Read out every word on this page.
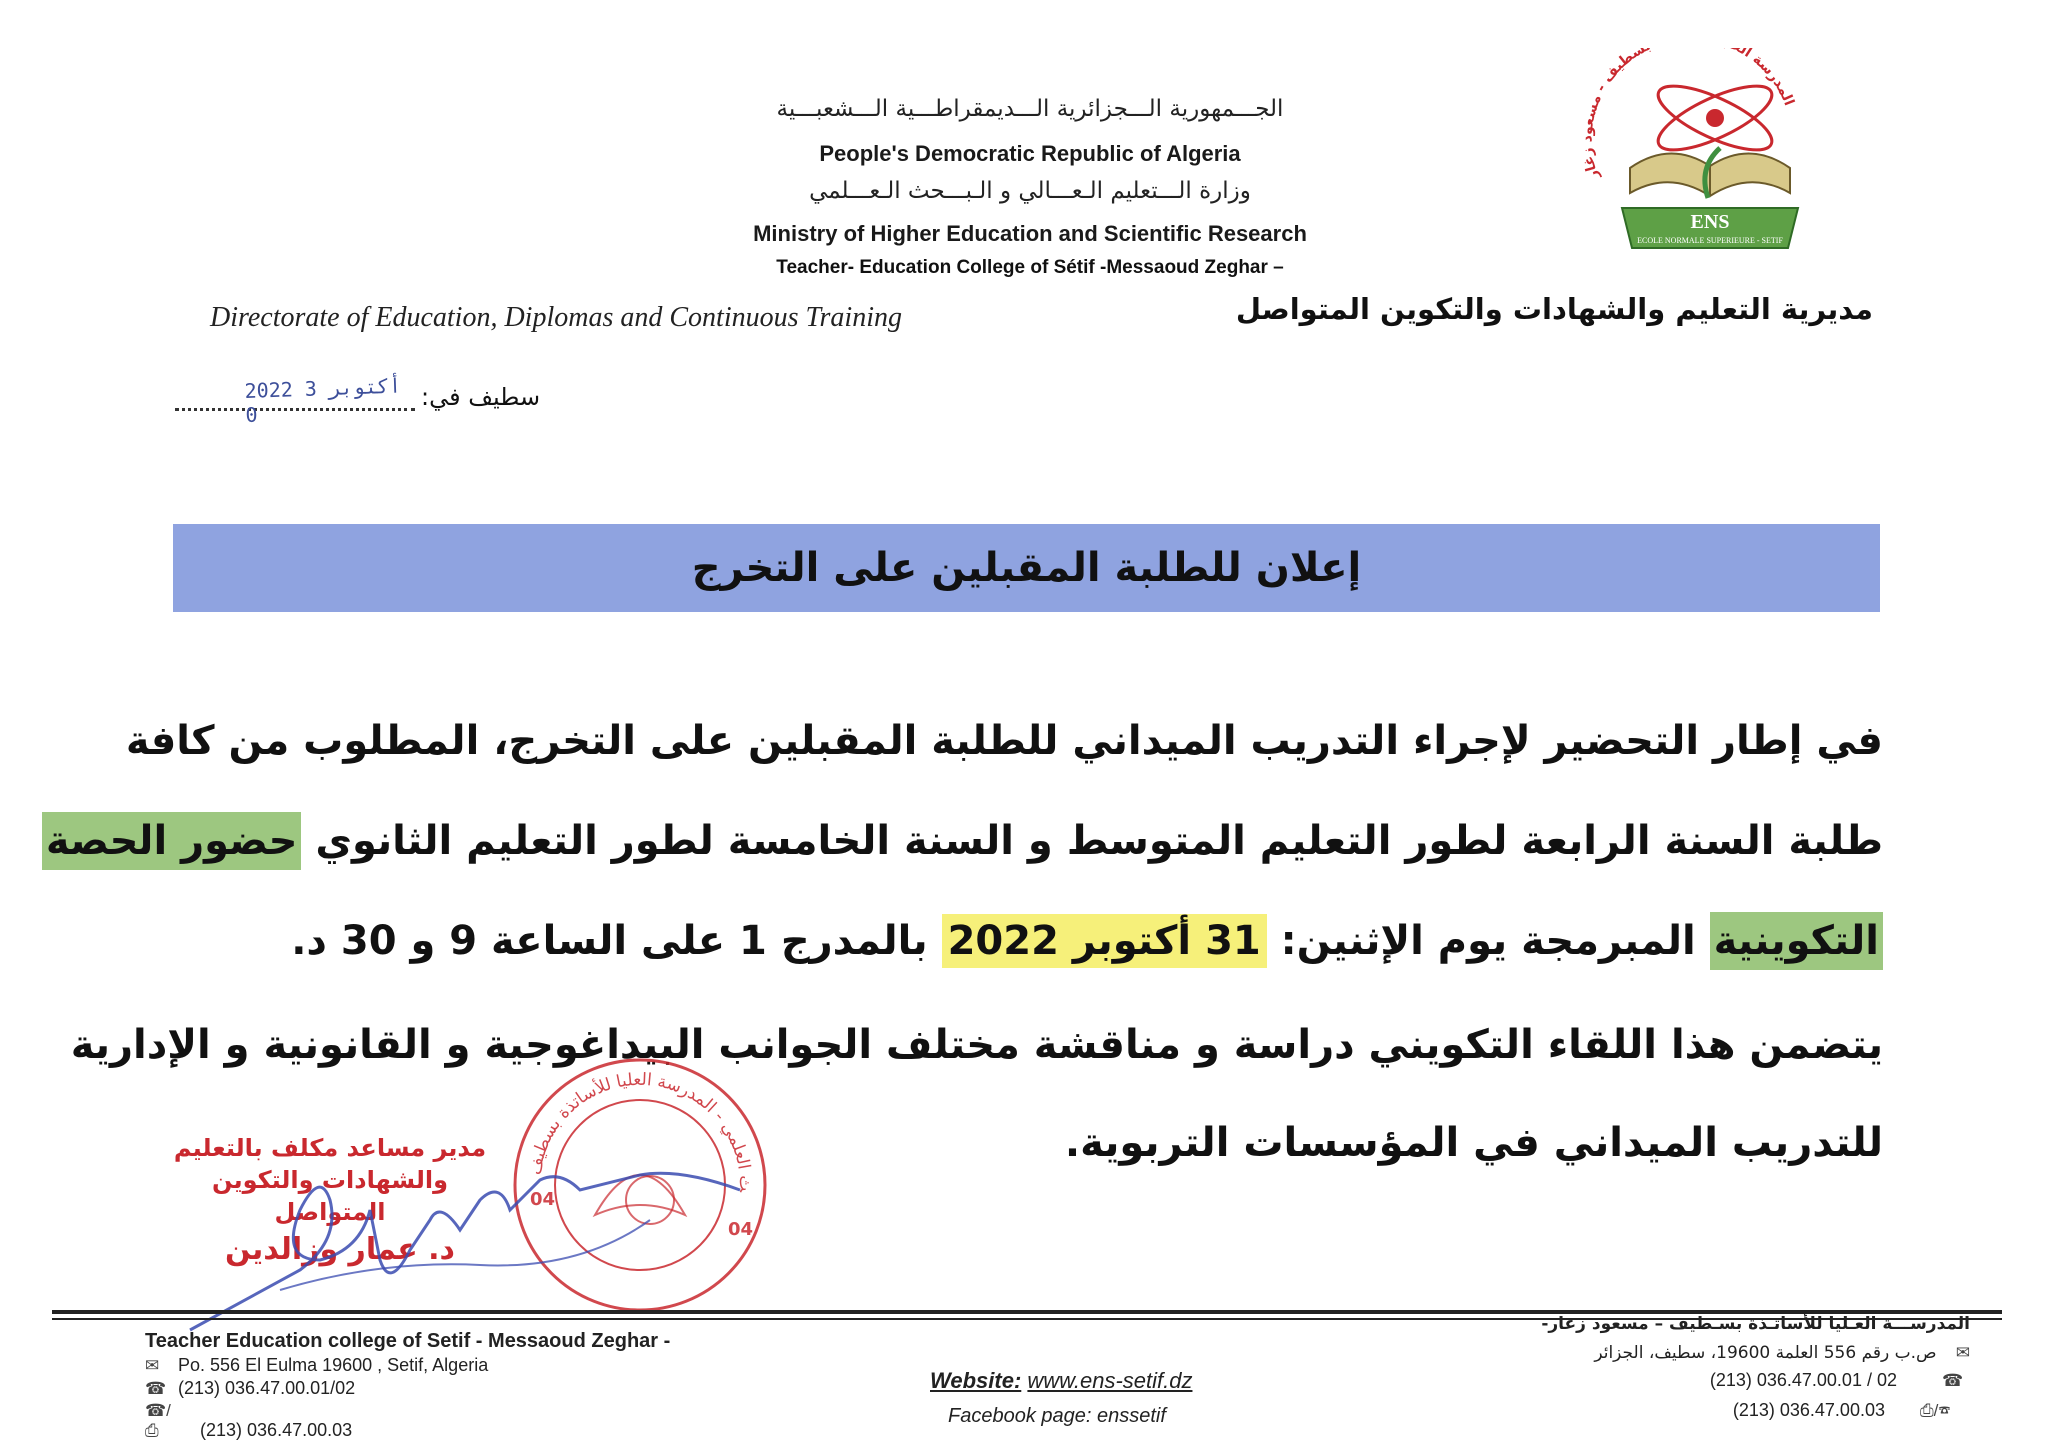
الجـــمهورية الـــجزائرية الـــديمقراطـــية الـــشعبـــية
People's Democratic Republic of Algeria
وزارة الـــتعليم الـعـــالي و الـبـــحث الـعـــلمي
Ministry of Higher Education and Scientific Research
Teacher- Education College of Sétif -Messaoud Zeghar –
المدرسة ال سطيف - مسعود زغار
ENS
ECOLE NORMALE SUPERIEURE - SETIF
Directorate of Education, Diplomas and Continuous Training	مديرية التعليم والشهادات والتكوين المتواصل
2022 أكتوبر 3 0
سطيف في:
إعلان للطلبة المقبلين على التخرج
في إطار التحضير لإجراء التدريب الميداني للطلبة المقبلين على التخرج، المطلوب من كافة
طلبة السنة الرابعة لطور التعليم المتوسط و السنة الخامسة لطور التعليم الثانوي حضور الحصة
التكوينية المبرمجة يوم الإثنين: 31 أكتوبر 2022 بالمدرج 1 على الساعة 9 و 30 د.
يتضمن هذا اللقاء التكويني دراسة و مناقشة مختلف الجوانب البيداغوجية و القانونية و الإدارية
للتدريب الميداني في المؤسسات التربوية.
مدير مساعد مكلف بالتعليم
والشهادات والتكوين المتواصل
د. عمار وزالدين
ث العلمي - المدرسة العليا للأساتذة بسطيف
04
04
Teacher Education college of Setif - Messaoud Zeghar -
✉ Po. 556 El Eulma 19600 , Setif, Algeria
☎ (213) 036.47.00.01/02
☎/⎙ (213) 036.47.00.03
Website: www.ens-setif.dz
Facebook page: enssetif
المدرســـة العـليا للأساتـذة بسـطيف – مسعود زغار-
✉ ص.ب رقم 556 العلمة 19600، سطيف، الجزائر
(213) 036.47.00.01 / 02	☎
(213) 036.47.00.03 ⎙/☎
